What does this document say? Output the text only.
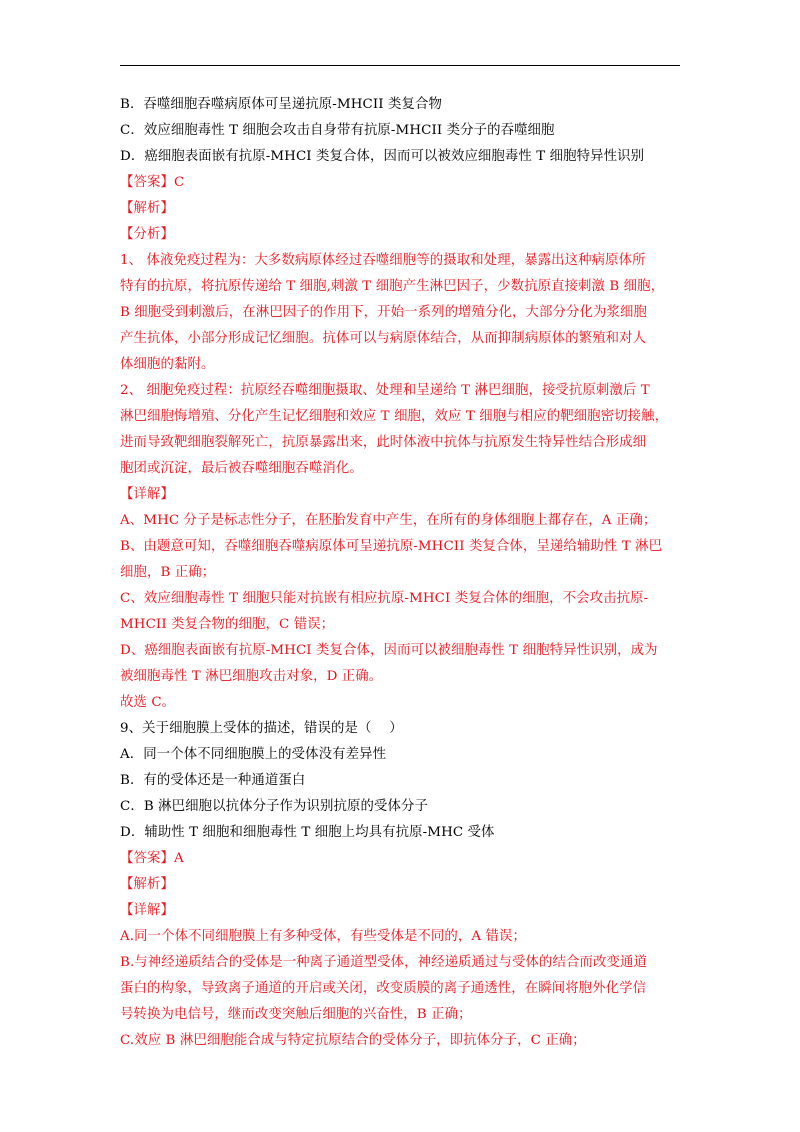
B．吞噬细胞吞噬病原体可呈递抗原-MHCII 类复合物
C．效应细胞毒性 T 细胞会攻击自身带有抗原-MHCII 类分子的吞噬细胞
D．癌细胞表面嵌有抗原-MHCI 类复合体，因而可以被效应细胞毒性 T 细胞特异性识别
【答案】C
【解析】
【分析】
1、 体液免疫过程为：大多数病原体经过吞噬细胞等的摄取和处理，暴露出这种病原体所
特有的抗原，将抗原传递给 T 细胞,刺激 T 细胞产生淋巴因子，少数抗原直接刺激 B 细胞，
B 细胞受到刺激后，在淋巴因子的作用下，开始一系列的增殖分化，大部分分化为浆细胞
产生抗体，小部分形成记忆细胞。抗体可以与病原体结合，从而抑制病原体的繁殖和对人
体细胞的黏附。
2、 细胞免疫过程：抗原经吞噬细胞摄取、处理和呈递给 T 淋巴细胞，接受抗原刺激后 T
淋巴细胞悔增殖、分化产生记忆细胞和效应 T 细胞，效应 T 细胞与相应的靶细胞密切接触，
进而导致靶细胞裂解死亡，抗原暴露出来，此时体液中抗体与抗原发生特异性结合形成细
胞团或沉淀，最后被吞噬细胞吞噬消化。
【详解】
A、MHC 分子是标志性分子，在胚胎发育中产生，在所有的身体细胞上都存在，A 正确；
B、由题意可知，吞噬细胞吞噬病原体可呈递抗原-MHCII 类复合体，呈递给辅助性 T 淋巴
细胞，B 正确；
C、效应细胞毒性 T 细胞只能对抗嵌有相应抗原-MHCI 类复合体的细胞，不会攻击抗原-
MHCII 类复合物的细胞，C 错误；
D、癌细胞表面嵌有抗原-MHCI 类复合体，因而可以被细胞毒性 T 细胞特异性识别，成为
被细胞毒性 T 淋巴细胞攻击对象，D 正确。
故选 C。
9、关于细胞膜上受体的描述，错误的是（　 ）
A．同一个体不同细胞膜上的受体没有差异性
B．有的受体还是一种通道蛋白
C．B 淋巴细胞以抗体分子作为识别抗原的受体分子
D．辅助性 T 细胞和细胞毒性 T 细胞上均具有抗原-MHC 受体
【答案】A
【解析】
【详解】
A.同一个体不同细胞膜上有多种受体，有些受体是不同的，A 错误；
B.与神经递质结合的受体是一种离子通道型受体，神经递质通过与受体的结合而改变通道
蛋白的构象，导致离子通道的开启或关闭，改变质膜的离子通透性，在瞬间将胞外化学信
号转换为电信号，继而改变突触后细胞的兴奋性，B 正确；
C.效应 B 淋巴细胞能合成与特定抗原结合的受体分子，即抗体分子，C 正确；
